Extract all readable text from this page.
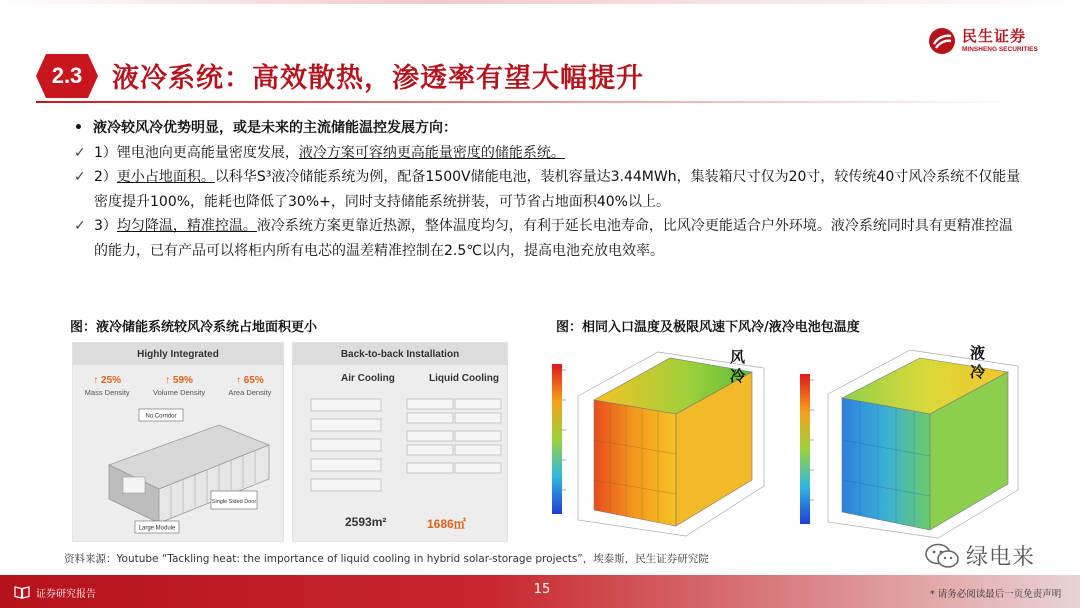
民生证券
MINSHENG SECURITIES
2.3	液冷系统：高效散热，渗透率有望大幅提升
• 液冷较风冷优势明显，或是未来的主流储能温控发展方向：
✓ 1）锂电池向更高能量密度发展，液冷方案可容纳更高能量密度的储能系统。
✓ 2）更小占地面积。以科华S³液冷储能系统为例，配备1500V储能电池，装机容量达3.44MWh，集装箱尺寸仅为20寸，较传统40寸风冷系统不仅能量密度提升100%，能耗也降低了30%+，同时支持储能系统拼装，可节省占地面积40%以上。
✓ 3）均匀降温，精准控温。液冷系统方案更靠近热源，整体温度均匀，有利于延长电池寿命，比风冷更能适合户外环境。液冷系统同时具有更精准控温的能力，已有产品可以将柜内所有电芯的温差精准控制在2.5℃以内，提高电池充放电效率。
图：液冷储能系统较风冷系统占地面积更小
Highly Integrated
↑ 25%
Mass Density
↑ 59%
Volume Density
↑ 65%
Area Density
No Corridor
Single Sided Door
Large Module
Back-to-back Installation
Air Cooling	Liquid Cooling
2593m²	1686㎡
图：相同入口温度及极限风速下风冷/液冷电池包温度
风冷
液冷
资料来源：Youtube “Tackling heat: the importance of liquid cooling in hybrid solar-storage projects”，埃泰斯，民生证券研究院	绿电来
证券研究报告	15	* 请务必阅读最后一页免责声明
